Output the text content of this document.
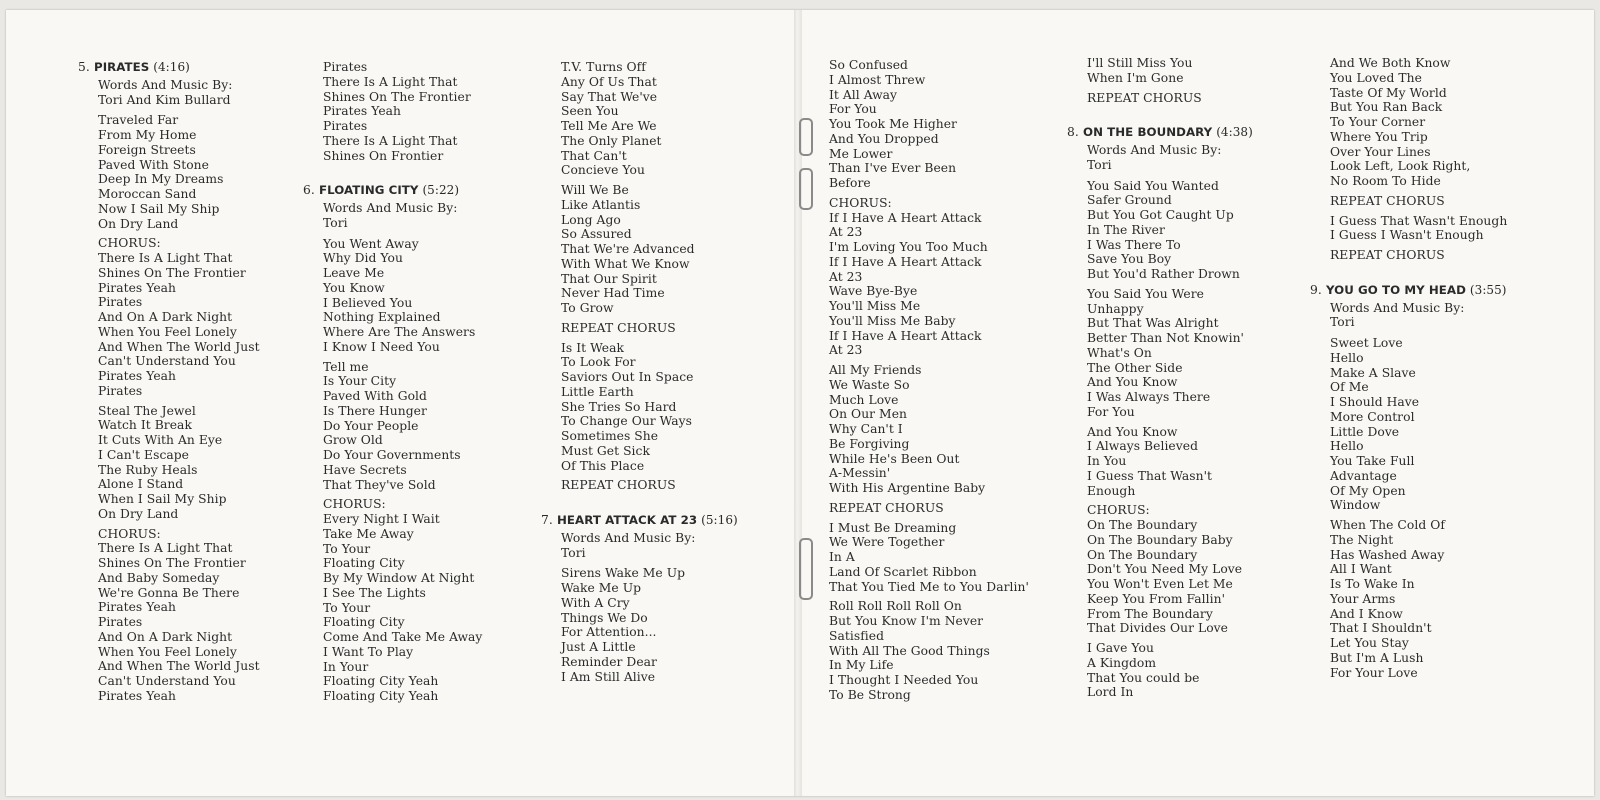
5. PIRATES (4:16)
Words And Music By:
Tori And Kim Bullard
Traveled Far
From My Home
Foreign Streets
Paved With Stone
Deep In My Dreams
Moroccan Sand
Now I Sail My Ship
On Dry Land
CHORUS:
There Is A Light That
Shines On The Frontier
Pirates Yeah
Pirates
And On A Dark Night
When You Feel Lonely
And When The World Just
Can't Understand You
Pirates Yeah
Pirates
Steal The Jewel
Watch It Break
It Cuts With An Eye
I Can't Escape
The Ruby Heals
Alone I Stand
When I Sail My Ship
On Dry Land
CHORUS:
There Is A Light That
Shines On The Frontier
And Baby Someday
We're Gonna Be There
Pirates Yeah
Pirates
And On A Dark Night
When You Feel Lonely
And When The World Just
Can't Understand You
Pirates Yeah
Pirates
There Is A Light That
Shines On The Frontier
Pirates Yeah
Pirates
There Is A Light That
Shines On Frontier
6. FLOATING CITY (5:22)
Words And Music By:
Tori
You Went Away
Why Did You
Leave Me
You Know
I Believed You
Nothing Explained
Where Are The Answers
I Know I Need You
Tell me
Is Your City
Paved With Gold
Is There Hunger
Do Your People
Grow Old
Do Your Governments
Have Secrets
That They've Sold
CHORUS:
Every Night I Wait
Take Me Away
To Your
Floating City
By My Window At Night
I See The Lights
To Your
Floating City
Come And Take Me Away
I Want To Play
In Your
Floating City Yeah
Floating City Yeah
T.V. Turns Off
Any Of Us That
Say That We've
Seen You
Tell Me Are We
The Only Planet
That Can't
Concieve You
Will We Be
Like Atlantis
Long Ago
So Assured
That We're Advanced
With What We Know
That Our Spirit
Never Had Time
To Grow
REPEAT CHORUS
Is It Weak
To Look For
Saviors Out In Space
Little Earth
She Tries So Hard
To Change Our Ways
Sometimes She
Must Get Sick
Of This Place
REPEAT CHORUS
7. HEART ATTACK AT 23 (5:16)
Words And Music By:
Tori
Sirens Wake Me Up
Wake Me Up
With A Cry
Things We Do
For Attention...
Just A Little
Reminder Dear
I Am Still Alive
So Confused
I Almost Threw
It All Away
For You
You Took Me Higher
And You Dropped
Me Lower
Than I've Ever Been
Before
CHORUS:
If I Have A Heart Attack
At 23
I'm Loving You Too Much
If I Have A Heart Attack
At 23
Wave Bye-Bye
You'll Miss Me
You'll Miss Me Baby
If I Have A Heart Attack
At 23
All My Friends
We Waste So
Much Love
On Our Men
Why Can't I
Be Forgiving
While He's Been Out
A-Messin'
With His Argentine Baby
REPEAT CHORUS
I Must Be Dreaming
We Were Together
In A
Land Of Scarlet Ribbon
That You Tied Me to You Darlin'
Roll Roll Roll Roll On
But You Know I'm Never
Satisfied
With All The Good Things
In My Life
I Thought I Needed You
To Be Strong
I'll Still Miss You
When I'm Gone
REPEAT CHORUS
8. ON THE BOUNDARY (4:38)
Words And Music By:
Tori
You Said You Wanted
Safer Ground
But You Got Caught Up
In The River
I Was There To
Save You Boy
But You'd Rather Drown
You Said You Were
Unhappy
But That Was Alright
Better Than Not Knowin'
What's On
The Other Side
And You Know
I Was Always There
For You
And You Know
I Always Believed
In You
I Guess That Wasn't
Enough
CHORUS:
On The Boundary
On The Boundary Baby
On The Boundary
Don't You Need My Love
You Won't Even Let Me
Keep You From Fallin'
From The Boundary
That Divides Our Love
I Gave You
A Kingdom
That You could be
Lord In
And We Both Know
You Loved The
Taste Of My World
But You Ran Back
To Your Corner
Where You Trip
Over Your Lines
Look Left, Look Right,
No Room To Hide
REPEAT CHORUS
I Guess That Wasn't Enough
I Guess I Wasn't Enough
REPEAT CHORUS
9. YOU GO TO MY HEAD (3:55)
Words And Music By:
Tori
Sweet Love
Hello
Make A Slave
Of Me
I Should Have
More Control
Little Dove
Hello
You Take Full
Advantage
Of My Open
Window
When The Cold Of
The Night
Has Washed Away
All I Want
Is To Wake In
Your Arms
And I Know
That I Shouldn't
Let You Stay
But I'm A Lush
For Your Love
